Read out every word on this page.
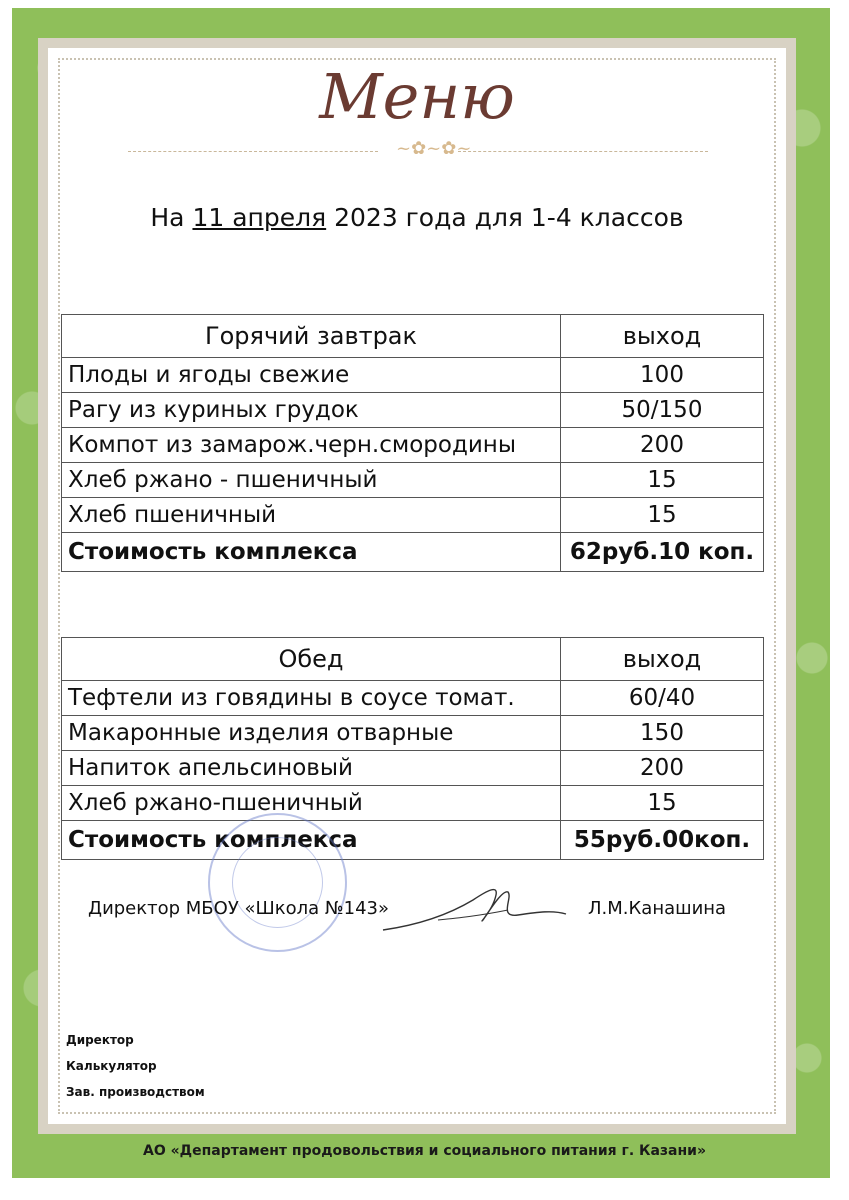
Меню
~✿~✿~
На 11 апреля 2023 года для 1-4 классов
Горячий завтрак	выход
Плоды и ягоды свежие	100
Рагу из куриных грудок	50/150
Компот из замарож.черн.смородины	200
Хлеб ржано - пшеничный	15
Хлеб пшеничный	15
Стоимость комплекса	62руб.10 коп.
Обед	выход
Тефтели из говядины в соусе томат.	60/40
Макаронные изделия отварные	150
Напиток апельсиновый	200
Хлеб ржано-пшеничный	15
Стоимость комплекса	55руб.00коп.
Директор МБОУ «Школа №143»	Л.М.Канашина
Директор
Калькулятор
Зав. производством
АО «Департамент продовольствия и социального питания г. Казани»
